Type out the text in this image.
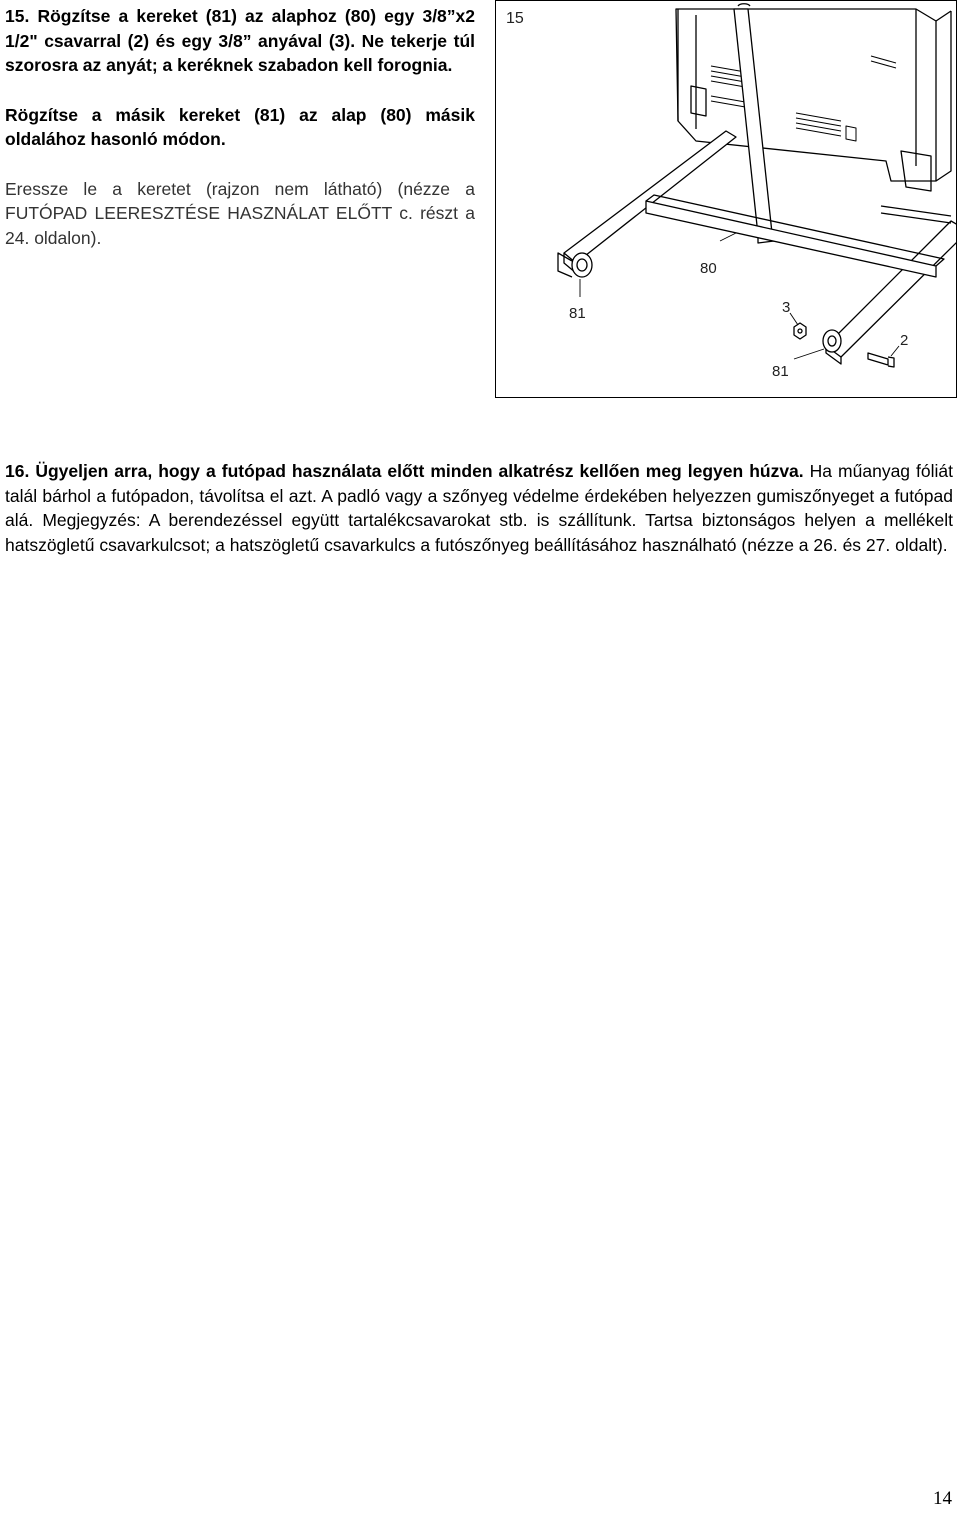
15. Rögzítse a kereket (81) az alaphoz (80) egy 3/8”x2 1/2" csavarral (2) és egy 3/8” anyával (3). Ne tekerje túl szorosra az anyát; a keréknek szabadon kell forognia.

Rögzítse a másik kereket (81) az alap (80) másik oldalához hasonló módon.

Eressze le a keretet (rajzon nem látható) (nézze a FUTÓPAD LEERESZTÉSE HASZNÁLAT ELŐTT c. részt a 24. oldalon).

15
80
81	3
2
81

16. Ügyeljen arra, hogy a futópad használata előtt minden alkatrész kellően meg legyen húzva. Ha műanyag fóliát talál bárhol a futópadon, távolítsa el azt. A padló vagy a szőnyeg védelme érdekében helyezzen gumiszőnyeget a futópad alá. Megjegyzés: A berendezéssel együtt tartalékcsavarokat stb. is szállítunk. Tartsa biztonságos helyen a mellékelt hatszögletű csavarkulcsot; a hatszögletű csavarkulcs a futószőnyeg beállításához használható (nézze a 26. és 27. oldalt).

14
